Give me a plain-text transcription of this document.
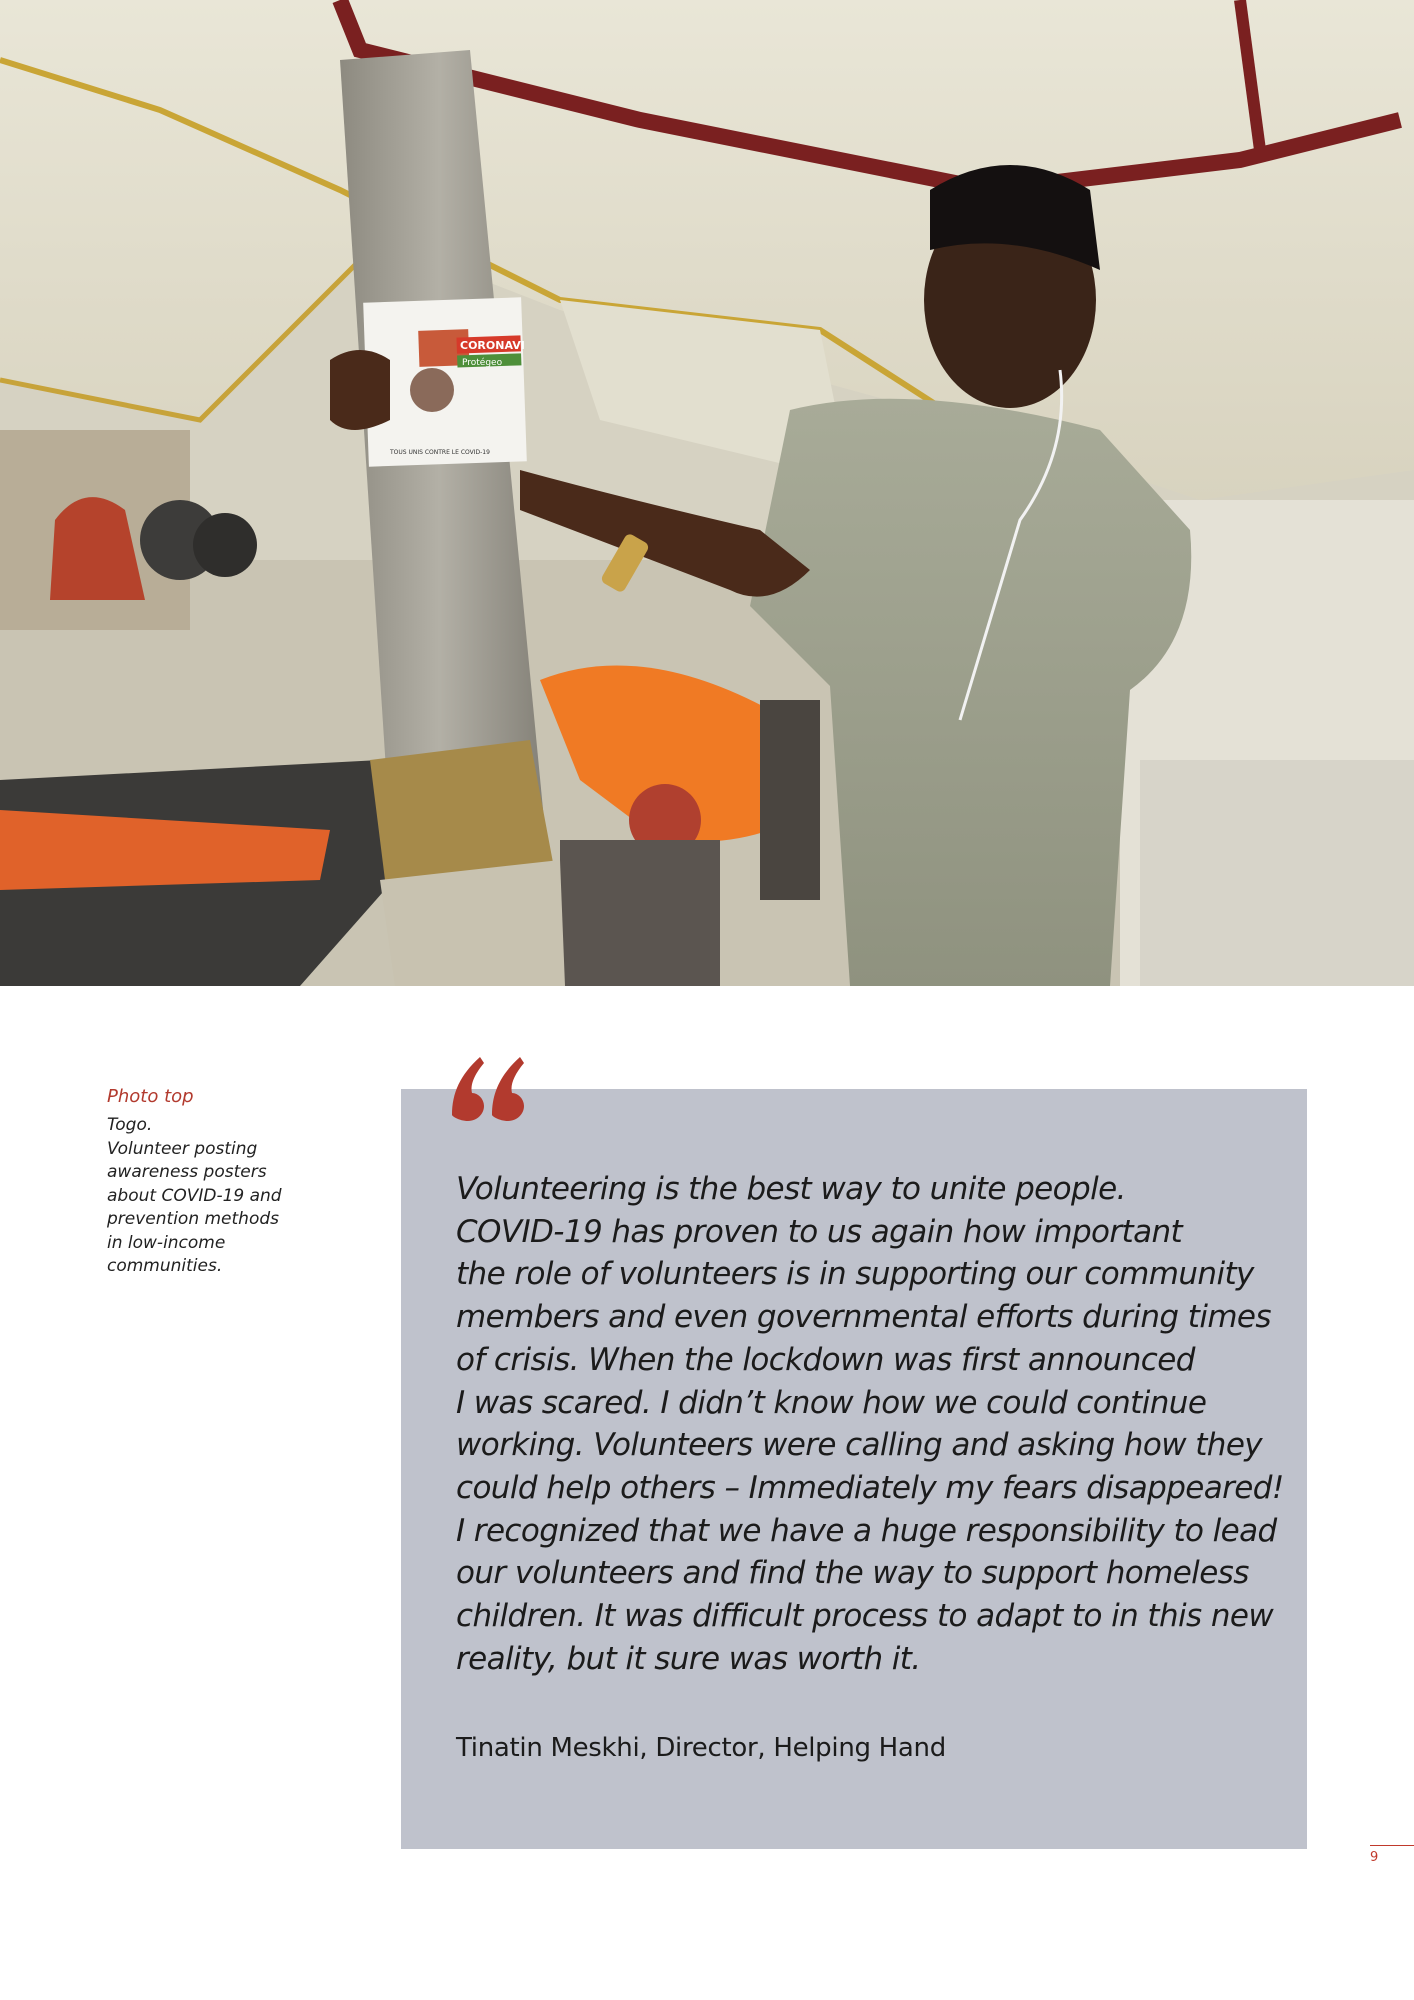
CORONAVI
Protégeo
TOUS UNIS CONTRE LE COVID-19
Photo top
Togo.
Volunteer posting
awareness posters
about COVID-19 and
prevention methods
in low-income
communities.
Volunteering is the best way to unite people.
COVID-19 has proven to us again how important
the role of volunteers is in supporting our community
members and even governmental efforts during times
of crisis. When the lockdown was first announced
I was scared. I didn’t know how we could continue
working. Volunteers were calling and asking how they
could help others – Immediately my fears disappeared!
I recognized that we have a huge responsibility to lead
our volunteers and find the way to support homeless
children. It was difficult process to adapt to in this new
reality, but it sure was worth it.
Tinatin Meskhi, Director, Helping Hand
9
